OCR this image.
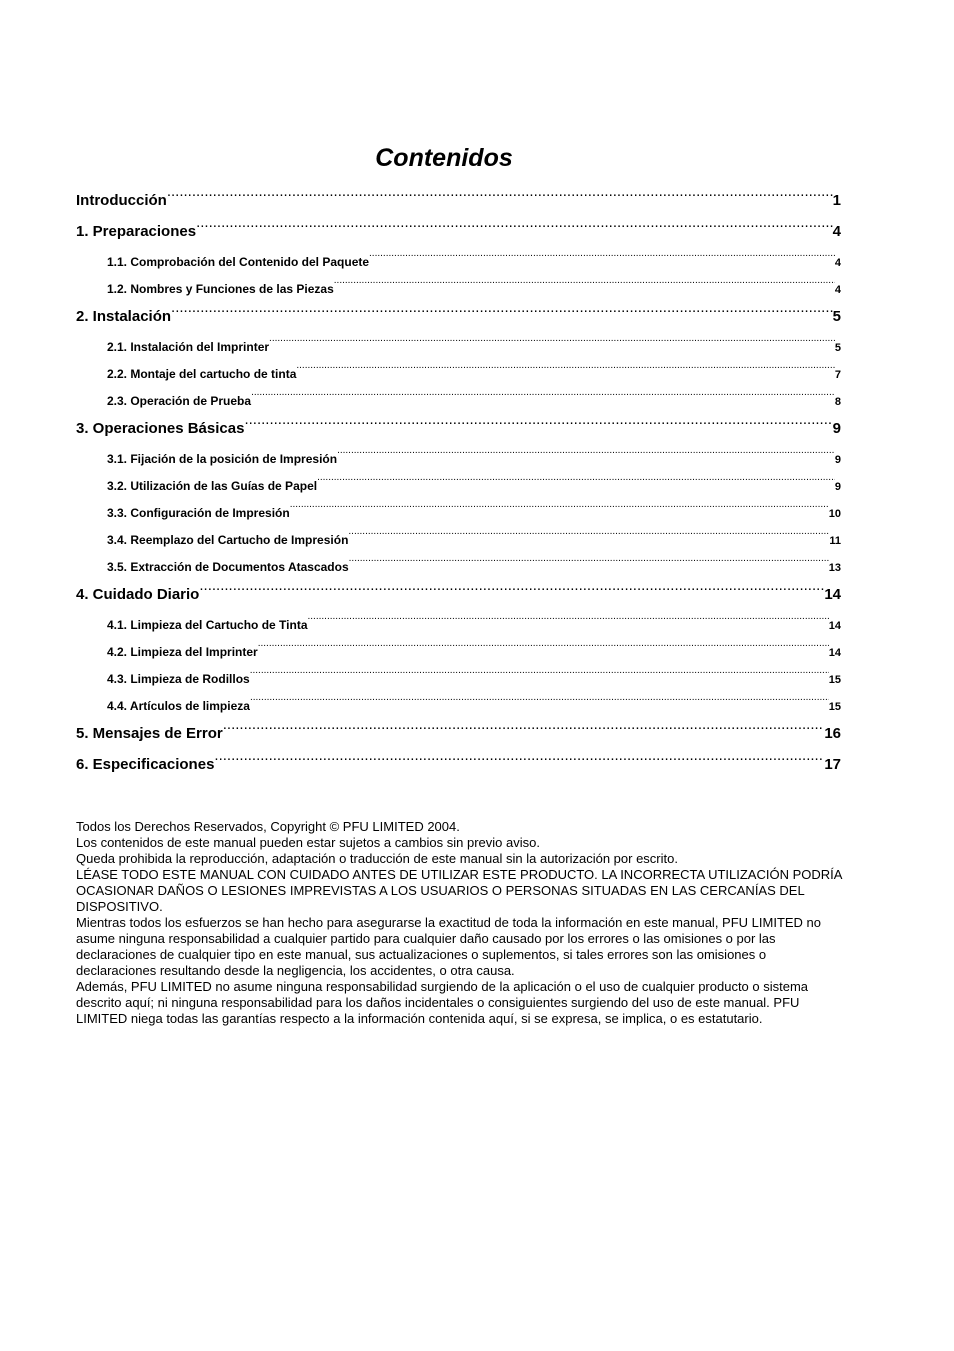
Contenidos
Introducción .....	1
1. Preparaciones .....	4
1.1. Comprobación del Contenido del Paquete .....	4
1.2. Nombres y Funciones de las Piezas .....	4
2. Instalación .....	5
2.1. Instalación del Imprinter .....	5
2.2. Montaje del cartucho de tinta .....	7
2.3. Operación de Prueba .....	8
3. Operaciones Básicas .....	9
3.1. Fijación de la posición de Impresión .....	9
3.2. Utilización de las Guías de Papel .....	9
3.3. Configuración de Impresión .....	10
3.4. Reemplazo del Cartucho de Impresión .....	11
3.5. Extracción de Documentos Atascados .....	13
4. Cuidado Diario .....	14
4.1. Limpieza del Cartucho de Tinta .....	14
4.2. Limpieza del Imprinter .....	14
4.3. Limpieza de Rodillos .....	15
4.4. Artículos de limpieza .....	15
5. Mensajes de Error .....	16
6. Especificaciones .....	17

Todos los Derechos Reservados, Copyright © PFU LIMITED 2004.

Los contenidos de este manual pueden estar sujetos a cambios sin previo aviso.

Queda prohibida la reproducción, adaptación o traducción de este manual sin la autorización por escrito.

LÉASE TODO ESTE MANUAL CON CUIDADO ANTES DE UTILIZAR ESTE PRODUCTO. LA INCORRECTA UTILIZACIÓN PODRÍA OCASIONAR DAÑOS O LESIONES IMPREVISTAS A LOS USUARIOS O PERSONAS SITUADAS EN LAS CERCANÍAS DEL DISPOSITIVO.

Mientras todos los esfuerzos se han hecho para asegurarse la exactitud de toda la información en este manual, PFU LIMITED no asume ninguna responsabilidad a cualquier partido para cualquier daño causado por los errores o las omisiones o por las declaraciones de cualquier tipo en este manual, sus actualizaciones o suplementos, si tales errores son las omisiones o declaraciones resultando desde la negligencia, los accidentes, o otra causa.

Además, PFU LIMITED no asume ninguna responsabilidad surgiendo de la aplicación o el uso de cualquier producto o sistema descrito aquí; ni ninguna responsabilidad para los daños incidentales o consiguientes surgiendo del uso de este manual. PFU LIMITED niega todas las garantías respecto a la información contenida aquí, si se expresa, se implica, o es estatutario.
